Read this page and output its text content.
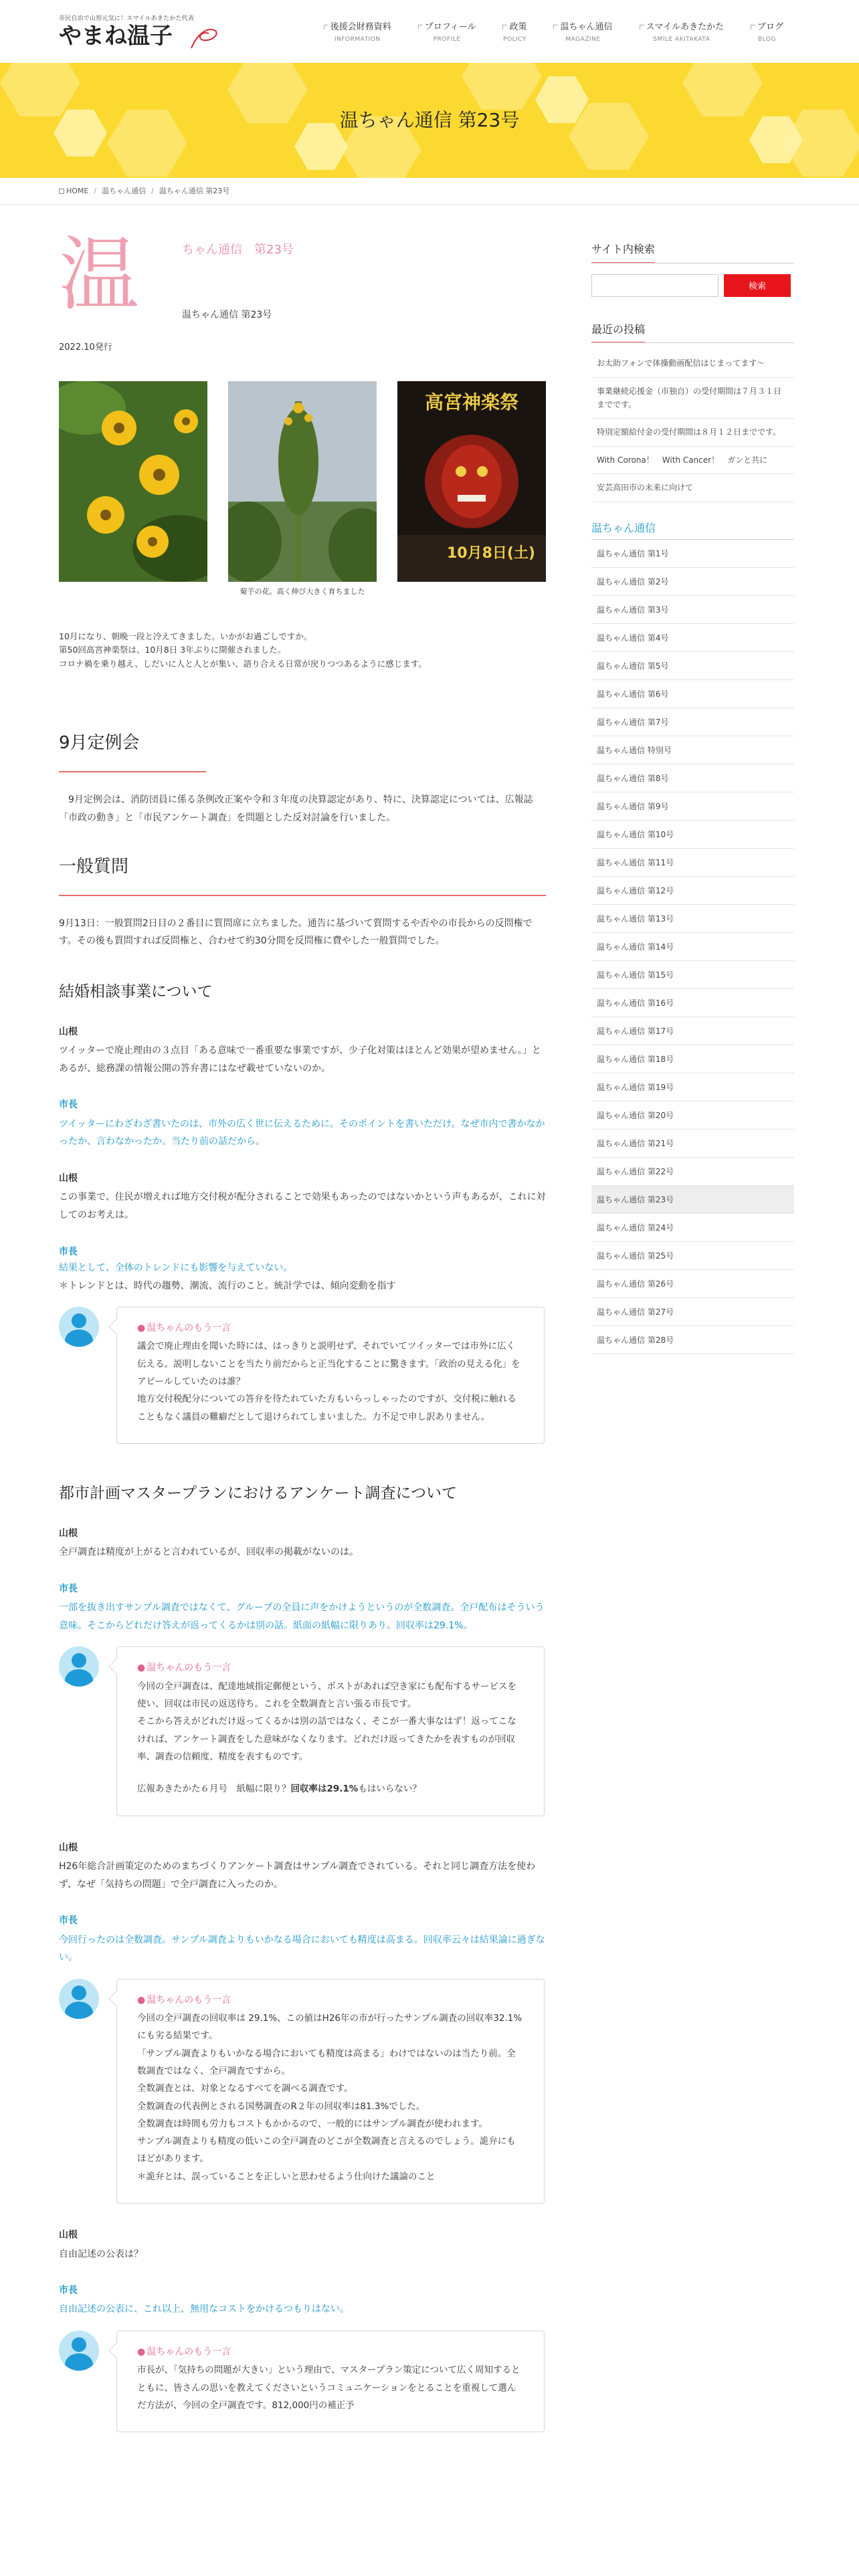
市民自治で山形元気に！スマイルあきたかた代表
やまね温子	後援会財務資料
INFORMATION
プロフィール
PROFILE
政策
POLICY
温ちゃん通信
MAGAZINE
スマイルあきたかた
SMILE AKITAKATA
ブログ
BLOG
温ちゃん通信 第23号
HOME / 温ちゃん通信 / 温ちゃん通信 第23号
温	ちゃん通信　第23号
温ちゃん通信 第23号
2022.10発行
菊芋の花。高く伸び大きく育ちました
高宮神楽祭
10月8日(土)

10月になり、朝晩一段と冷えてきました。いかがお過ごしですか。

第50回高宮神楽祭は、10月8日 3年ぶりに開催されました。

コロナ禍を乗り越え、しだいに人と人とが集い、語り合える日常が戻りつつあるように感じます。

9月定例会

9月定例会は、消防団員に係る条例改正案や令和３年度の決算認定があり、特に、決算認定については、広報誌「市政の動き」と「市民アンケート調査」を問題とした反対討論を行いました。

一般質問

9月13日：一般質問2日目の２番目に質問席に立ちました。通告に基づいて質問するや否やの市長からの反問権です。その後も質問すれば反問権と、合わせて約30分間を反問権に費やした一般質問でした。

結婚相談事業について
山根

ツイッターで廃止理由の３点目「ある意味で一番重要な事業ですが、少子化対策はほとんど効果が望めません。」とあるが、総務課の情報公開の答弁書にはなぜ載せていないのか。

市長

ツイッターにわざわざ書いたのは、市外の広く世に伝えるために。そのポイントを書いただけ。なぜ市内で書かなかったか、言わなかったか。当たり前の話だから。

山根

この事業で、住民が増えれば地方交付税が配分されることで効果もあったのではないかという声もあるが、これに対してのお考えは。

市長

結果として、全体のトレンドにも影響を与えていない。

＊トレンドとは、時代の趨勢、潮流、流行のこと。統計学では、傾向変動を指す

● 温ちゃんのもう一言
議会で廃止理由を聞いた時には、はっきりと説明せず、それでいてツイッターでは市外に広く伝える。説明しないことを当たり前だからと正当化することに驚きます。「政治の見える化」をアピールしていたのは誰？
地方交付税配分についての答弁を待たれていた方もいらっしゃったのですが、交付税に触れることもなく議員の難癖だとして退けられてしまいました。力不足で申し訳ありません。
都市計画マスタープランにおけるアンケート調査について
山根

全戸調査は精度が上がると言われているが、回収率の掲載がないのは。

市長

一部を抜き出すサンプル調査ではなくて、グループの全員に声をかけようというのが全数調査。全戸配布はそういう意味。そこからどれだけ答えが返ってくるかは別の話。紙面の紙幅に限りあり。回収率は29.1%。

● 温ちゃんのもう一言
今回の全戸調査は、配達地域指定郵便という、ポストがあれば空き家にも配布するサービスを使い、回収は市民の返送待ち。これを全数調査と言い張る市長です。
そこから答えがどれだけ返ってくるかは別の話ではなく、そこが一番大事なはず！返ってこなければ、アンケート調査をした意味がなくなります。どれだけ返ってきたかを表すものが回収率、調査の信頼度、精度を表すものです。
広報あきたかた６月号　紙幅に限り？回収率は29.1%もはいらない？
山根

H26年総合計画策定のためのまちづくりアンケート調査はサンプル調査でされている。それと同じ調査方法を使わず、なぜ「気持ちの問題」で全戸調査に入ったのか。

市長

今回行ったのは全数調査。サンプル調査よりもいかなる場合においても精度は高まる。回収率云々は結果論に過ぎない。

● 温ちゃんのもう一言
今回の全戸調査の回収率は 29.1%、この値はH26年の市が行ったサンプル調査の回収率32.1%にも劣る結果です。
「サンプル調査よりもいかなる場合においても精度は高まる」わけではないのは当たり前。全数調査ではなく、全戸調査ですから。
全数調査とは、対象となるすべてを調べる調査です。
全数調査の代表例とされる国勢調査のR２年の回収率は81.3%でした。
全数調査は時間も労力もコストもかかるので、一般的にはサンプル調査が使われます。
サンプル調査よりも精度の低いこの全戸調査のどこが全数調査と言えるのでしょう。詭弁にもほどがあります。
＊詭弁とは、誤っていることを正しいと思わせるよう仕向けた議論のこと
山根

自由記述の公表は？

市長

自由記述の公表に、これ以上、無用なコストをかけるつもりはない。

● 温ちゃんのもう一言
市長が、「気持ちの問題が大きい」という理由で、マスタープラン策定について広く周知するとともに、皆さんの思いを教えてくださいというコミュニケーションをとることを重視して選んだ方法が、今回の全戸調査です。812,000円の補正予
サイト内検索
検索
最近の投稿
お太助フォンで体操動画配信はじまってます～
事業継続応援金（市独自）の受付期間は７月３１日までです。
特別定額給付金の受付期間は８月１２日までです。
With Corona！　With Cancer！　ガンと共に
安芸高田市の未来に向けて
温ちゃん通信
温ちゃん通信 第1号
温ちゃん通信 第2号
温ちゃん通信 第3号
温ちゃん通信 第4号
温ちゃん通信 第5号
温ちゃん通信 第6号
温ちゃん通信 第7号
温ちゃん通信 特別号
温ちゃん通信 第8号
温ちゃん通信 第9号
温ちゃん通信 第10号
温ちゃん通信 第11号
温ちゃん通信 第12号
温ちゃん通信 第13号
温ちゃん通信 第14号
温ちゃん通信 第15号
温ちゃん通信 第16号
温ちゃん通信 第17号
温ちゃん通信 第18号
温ちゃん通信 第19号
温ちゃん通信 第20号
温ちゃん通信 第21号
温ちゃん通信 第22号
温ちゃん通信 第23号
温ちゃん通信 第24号
温ちゃん通信 第25号
温ちゃん通信 第26号
温ちゃん通信 第27号
温ちゃん通信 第28号
